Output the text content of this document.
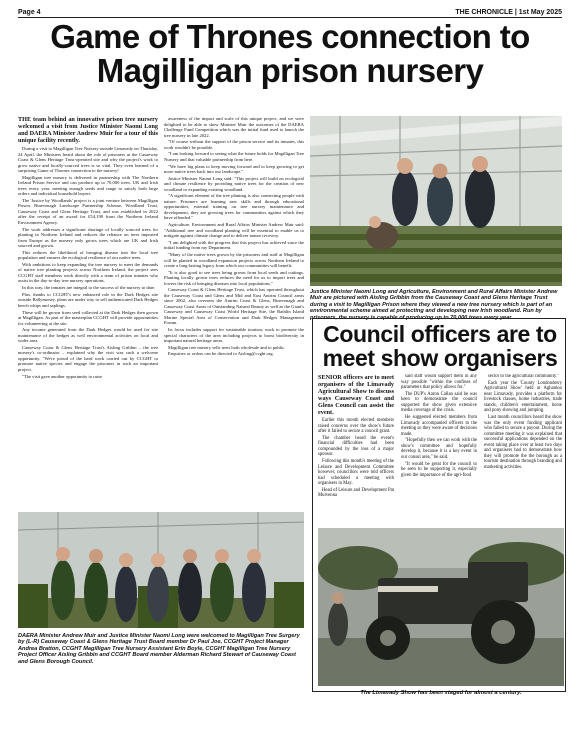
Page 4	THE CHRONICLE | 1st May 2025
Game of Thrones connection to Magilligan prison nursery

THE team behind an innovative prison tree nursery welcomed a visit from Justice Minister Naomi Long and DAERA Minister Andrew Muir for a tour of this unique facility recently.

During a visit to Magilligan Tree Nursery outside Limavady on Thursday, 24 April, the Ministers heard about the role of prisoners at the Causeway Coast & Glens Heritage Trust-operated site and why the project's work to grow native and locally-sourced trees is so vital. They even learned of a surprising Game of Thrones connection to the nursery!

Magilligan tree nursery is delivered in partnership with The Northern Ireland Prison Service and can produce up to 70,000 trees. UK and Irish trees every year, meeting enough seeds and range to satisfy both large orders and individual household buyers.

The 'Justice by Woodlands' project is a joint venture between Magilligan Prison, Binevenagh Landscape Partnership Scheme, Woodland Trust, Causeway Coast and Glens Heritage Trust, and was established in 2022 after the receipt of an award for £54,190 from the Northern Ireland Environment Agency.

The work addresses a significant shortage of locally sourced trees for planting in Northern Ireland and reduces the reliance on trees imported from Europe as the nursery only grows trees which are UK and Irish sourced and grown.

This reduces the likelihood of bringing disease into the local tree population and ensures the ecological resilience of our native trees.

With ambitions to keep expanding the tree nursery to meet the demands of native tree planting projects across Northern Ireland, the project sees CCGHT staff members work directly with a team of prison inmates who assist in the day-to-day tree nursery operations.

In this way, the inmates are integral to the success of the nursery to date.

Plus, thanks to CCGHT's new enhanced role in the Dark Hedges site outside Ballymoney, plans are under way to sell authenticated Dark Hedges beech whips and saplings.

These will be grown from seed collected at the Dark Hedges then grown at Magilligan. As part of the masterplan CCGHT will provide opportunities for volunteering at the site.

Any income generated from the Dark Hedges would be used for site maintenance of the hedges as well environmental activities on local and wider area.

Causeway Coast & Glens Heritage Trust's Aisling Gribbin – the tree nursery's co-ordinator – explained why the visit was such a welcome opportunity. "We're proud of the hard work carried out by CCGHT to promote native species and engage the prisoners in such an important project.

"The visit gave another opportunity to raise

awareness of the impact and scale of this unique project, and we were delighted to be able to show Minister Muir the outcomes of the DAERA Challenge Fund Competition which was the initial fund used to launch the tree nursery in late 2022.

"Of course without the support of the prison service and its inmates, this work wouldn't be possible.

"I am looking forward to seeing what the future holds for Magilligan Tree Nursery and that valuable partnership from here.

"We have big plans to keep moving forward and to keep growing to get more native trees back into our landscape."

Justice Minister Naomi Long said: "This project will build on ecological and climate resilience by providing native trees for the creation of new woodland or expanding existing woodland.

"A significant element of the tree planting is also connecting people with nature. Prisoners are learning new skills and through educational opportunities, external training on tree nursery maintenance and development, they are growing trees for communities against which they have offended."

Agriculture, Environment and Rural Affairs Minister Andrew Muir said: "Additional tree and woodland planting will be essential to enable us to mitigate against climate change and to deliver nature recovery.

"I am delighted with the progress that this project has achieved since the initial funding from my Department.

"Many of the native trees grown by the prisoners and staff at Magilligan will be planted in woodland expansion projects across Northern Ireland to create a long-lasting legacy from which our communities will benefit.

"It is also good to see trees being grown from local seeds and cuttings. Planting locally grown trees reduces the need for us to import trees and lowers the risk of bringing diseases into local populations."

Causeway Coast & Glens Heritage Trust, which has operated throughout the Causeway Coast and Glens and Mid and East Antrim Council areas since 2002, also oversees the Antrim Coast & Glens, Binevenagh and Causeway Coast Areas of Outstanding Natural Beauty as well as the Giant's Causeway and Causeway Coast World Heritage Site, the Rathlin Island Marine Special Area of Conservation and Dark Hedges Management Forum.

Its focus includes support for sustainable tourism, work to promote the special characters of the area including projects to boost biodiversity in important natural heritage areas.

Magilligan tree nursery sells trees both wholesale and to public.

Enquiries or orders can be directed to Aisling@ccght.org.

Justice Minister Naomi Long and Agriculture, Environment and Rural Affairs Minister Andrew Muir are pictured with Aisling Gribbin from the Causeway Coast and Glens Heritage Trust during a visit to Magilligan Prison where they viewed a new tree nursery which is part of an environmental scheme aimed at protecting and developing new Irish woodland. Run by prisoners, the nursery is capable of producing up to 70,000 trees every year.
DAERA Minister Andrew Muir and Justice Minister Naomi Long were welcomed to Magilligan Tree Surgery by (L-R) Causeway Coast & Glens Heritage Trust Board member Dr Paul Joe, CCGHT Project Manager Andrea Bratton, CCGHT Magilligan Tree Nursery Assistant Erin Boyle, CCGHT Magilligan Tree Nursery Project Officer Aisling Gribbin and CCGHT Board member Alderman Richard Stewart of Causeway Coast and Glens Borough Council.
Council officers are to meet show organisers

SENIOR officers are to meet organisers of the Limavady Agricultural Show to discuss ways Causeway Coast and Glens Council can assist the event.

Earlier this month elected members raised concerns over the show's future after it failed to secure a council grant.

The chamber heard the event's financial difficulties had been compounded by the loss of a major sponsor.

Following this month's meeting of the Leisure and Development Committee however, councillors were told officers had scheduled a meeting with organisers in May.

Head of Leisure and Development Pat Mulvenna

said staff would support them in any way possible "within the confines of parameters that policy allows for."

The DUP's Aaron Callan said he was keen to demonstrate the council supported the show given extensive media coverage of the crisis.

He suggested elected members from Limavady accompanied officers to the meeting so they were aware of decisions made.

"Hopefully then we can work with the show's committee and hopefully develop it, because it is a key event in our consul area," he said.

"It would be great for the council to be seen to be supporting it, especially given the importance of the agri-food

sector to the agricultural community."

Each year the 'County Londonderry Agricultural Show' held at Aghanloo near Limavady, provides a platform for livestock classes, home industries, trade stands, children's entertainment, horse and pony showing and jumping.

Last month councillors heard the show was the only event funding applicant who failed to secure a payout. During the committee meeting it was explained that successful applications depended on the event taking place over at least two days and organisers had to demonstrate how they will promote the the borough as a tourism destination through branding and marketing activities.

The Limavady Show has been staged for almost a century.
